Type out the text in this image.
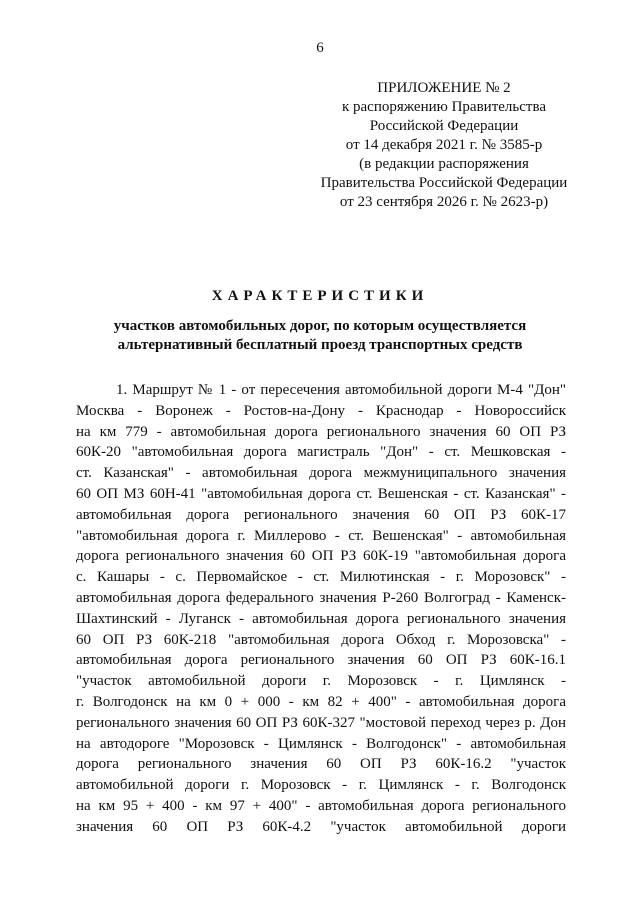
6
ПРИЛОЖЕНИЕ № 2
к распоряжению Правительства
Российской Федерации
от 14 декабря 2021 г. № 3585-р
(в редакции распоряжения
Правительства Российской Федерации
от 23 сентября 2026 г. № 2623-р)
ХАРАКТЕРИСТИКИ
участков автомобильных дорог, по которым осуществляется
альтернативный бесплатный проезд транспортных средств
1. Маршрут № 1 - от пересечения автомобильной дороги М-4 "Дон"
Москва - Воронеж - Ростов-на-Дону - Краснодар - Новороссийск
на км 779 - автомобильная дорога регионального значения 60 ОП РЗ
60К-20 "автомобильная дорога магистраль "Дон" - ст. Мешковская -
ст. Казанская" - автомобильная дорога межмуниципального значения
60 ОП МЗ 60Н-41 "автомобильная дорога ст. Вешенская - ст. Казанская" -
автомобильная дорога регионального значения 60 ОП РЗ 60К-17
"автомобильная дорога г. Миллерово - ст. Вешенская" - автомобильная
дорога регионального значения 60 ОП РЗ 60К-19 "автомобильная дорога
с. Кашары - с. Первомайское - ст. Милютинская - г. Морозовск" -
автомобильная дорога федерального значения Р-260 Волгоград - Каменск-
Шахтинский - Луганск - автомобильная дорога регионального значения
60 ОП РЗ 60К-218 "автомобильная дорога Обход г. Морозовска" -
автомобильная дорога регионального значения 60 ОП РЗ 60К-16.1
"участок автомобильной дороги г. Морозовск - г. Цимлянск -
г. Волгодонск на км 0 + 000 - км 82 + 400" - автомобильная дорога
регионального значения 60 ОП РЗ 60К-327 "мостовой переход через р. Дон
на автодороге "Морозовск - Цимлянск - Волгодонск" - автомобильная
дорога регионального значения 60 ОП РЗ 60К-16.2 "участок
автомобильной дороги г. Морозовск - г. Цимлянск - г. Волгодонск
на км 95 + 400 - км 97 + 400" - автомобильная дорога регионального
значения 60 ОП РЗ 60К-4.2 "участок автомобильной дороги
